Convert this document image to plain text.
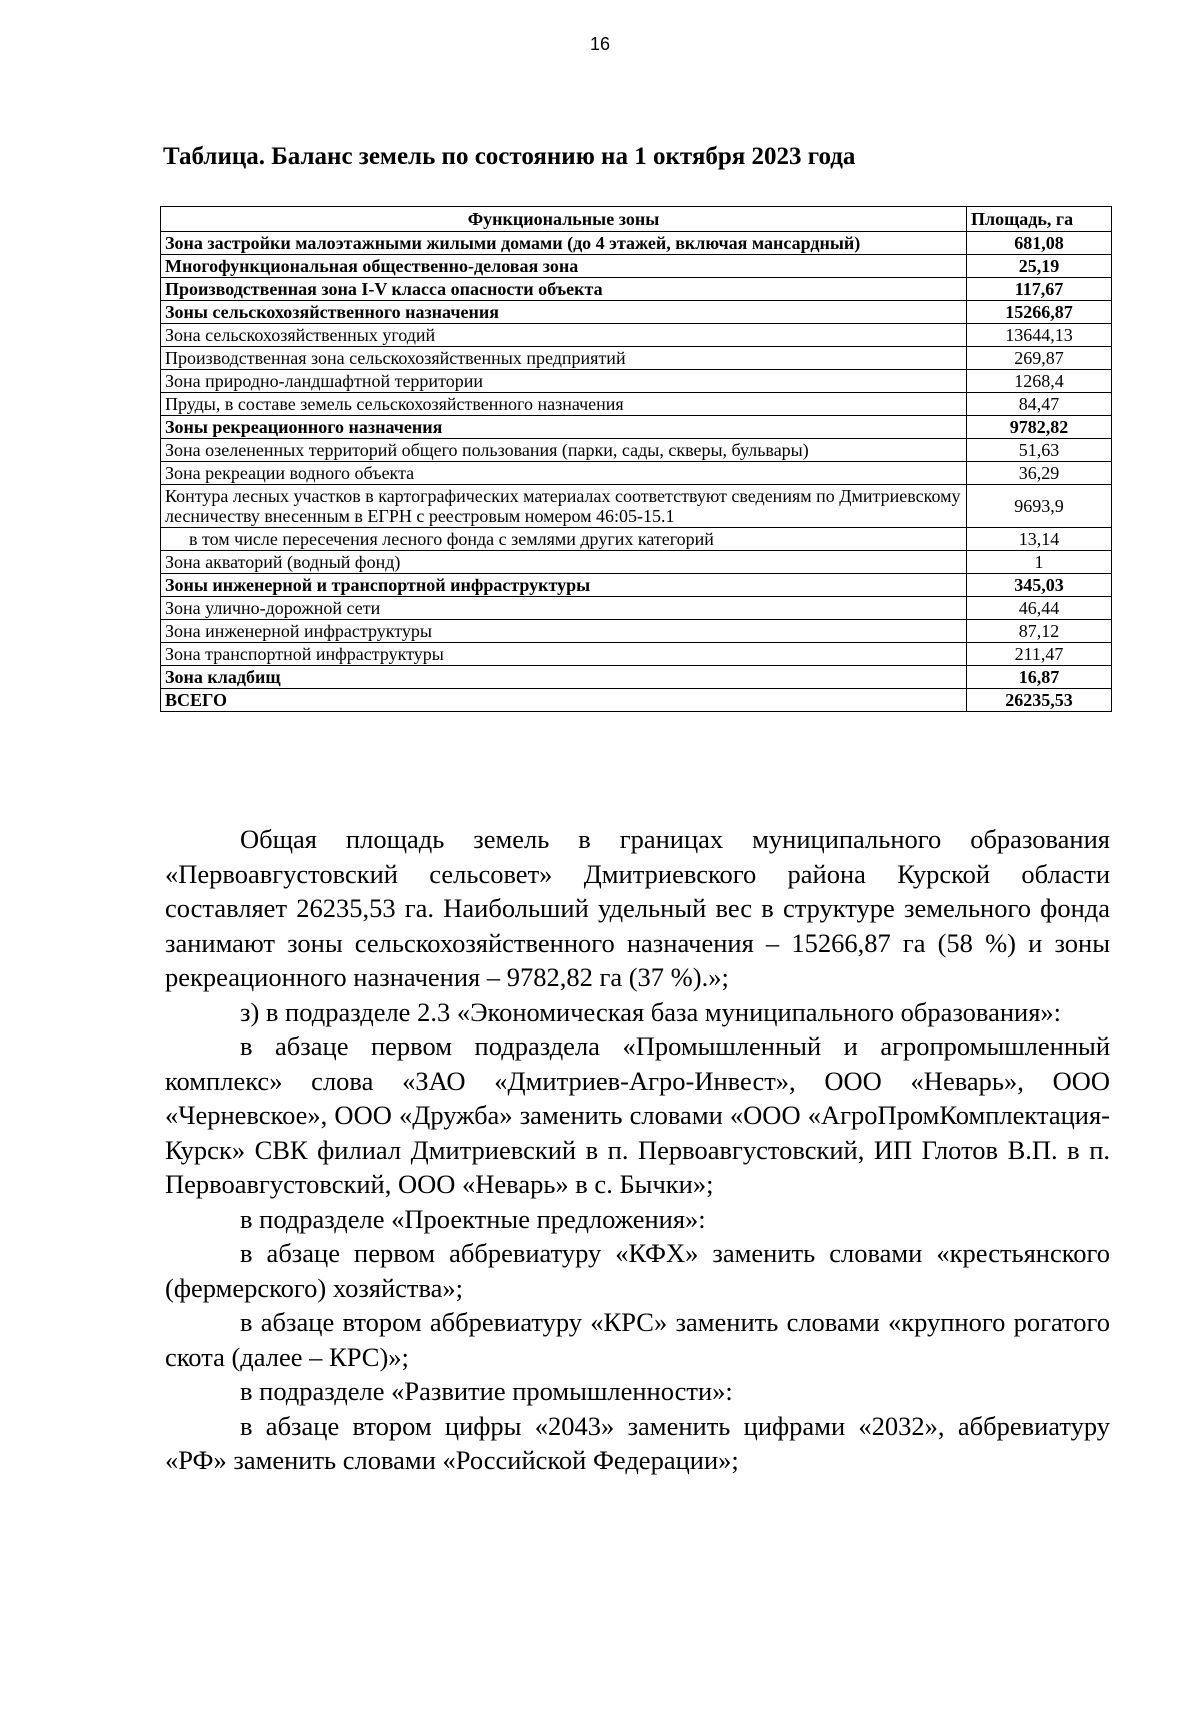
16
Таблица. Баланс земель по состоянию на 1 октября 2023 года
Функциональные зоны	Площадь, га
Зона застройки малоэтажными жилыми домами (до 4 этажей, включая мансардный)	681,08
Многофункциональная общественно-деловая зона	25,19
Производственная зона I-V класса опасности объекта	117,67
Зоны сельскохозяйственного назначения	15266,87
Зона сельскохозяйственных угодий	13644,13
Производственная зона сельскохозяйственных предприятий	269,87
Зона природно-ландшафтной территории	1268,4
Пруды, в составе земель сельскохозяйственного назначения	84,47
Зоны рекреационного назначения	9782,82
Зона озелененных территорий общего пользования (парки, сады, скверы, бульвары)	51,63
Зона рекреации водного объекта	36,29
Контура лесных участков в картографических материалах соответствуют сведениям по Дмитриевскому лесничеству внесенным в ЕГРН с реестровым номером 46:05-15.1	9693,9
в том числе пересечения лесного фонда с землями других категорий	13,14
Зона акваторий (водный фонд)	1
Зоны инженерной и транспортной инфраструктуры	345,03
Зона улично-дорожной сети	46,44
Зона инженерной инфраструктуры	87,12
Зона транспортной инфраструктуры	211,47
Зона кладбищ	16,87
ВСЕГО	26235,53

Общая площадь земель в границах муниципального образования «Первоавгустовский сельсовет» Дмитриевского района Курской области составляет 26235,53 га. Наибольший удельный вес в структуре земельного фонда занимают зоны сельскохозяйственного назначения – 15266,87 га (58 %) и зоны рекреационного назначения – 9782,82 га (37 %).»;

з) в подразделе 2.3 «Экономическая база муниципального образования»:

в абзаце первом подраздела «Промышленный и агропромышленный комплекс» слова «ЗАО «Дмитриев-Агро-Инвест», ООО «Неварь», ООО «Черневское», ООО «Дружба» заменить словами «ООО «АгроПромКомплектация-Курск» СВК филиал Дмитриевский в п. Первоавгустовский, ИП Глотов В.П. в п. Первоавгустовский, ООО «Неварь» в с. Бычки»;

в подразделе «Проектные предложения»:

в абзаце первом аббревиатуру «КФХ» заменить словами «крестьянского (фермерского) хозяйства»;

в абзаце втором аббревиатуру «КРС» заменить словами «крупного рогатого скота (далее – КРС)»;

в подразделе «Развитие промышленности»:

в абзаце втором цифры «2043» заменить цифрами «2032», аббревиатуру «РФ» заменить словами «Российской Федерации»;
